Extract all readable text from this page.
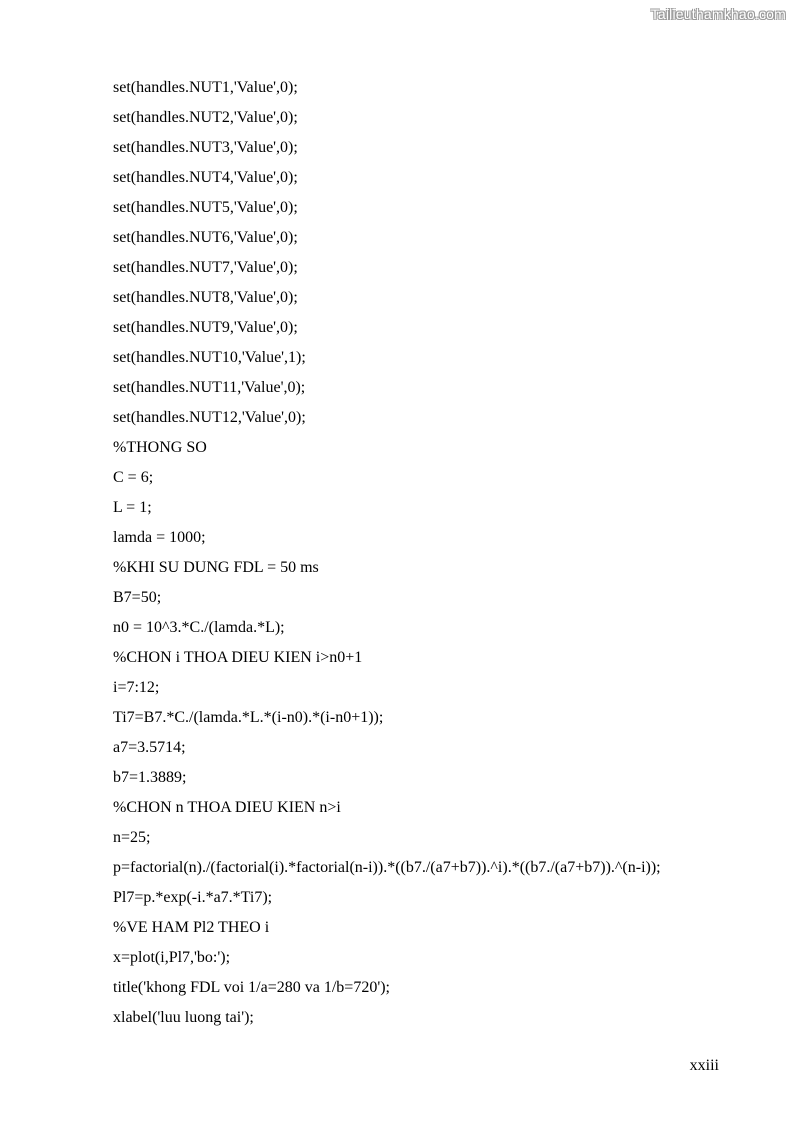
Tailieuthamkhao.com
set(handles.NUT1,'Value',0);
set(handles.NUT2,'Value',0);
set(handles.NUT3,'Value',0);
set(handles.NUT4,'Value',0);
set(handles.NUT5,'Value',0);
set(handles.NUT6,'Value',0);
set(handles.NUT7,'Value',0);
set(handles.NUT8,'Value',0);
set(handles.NUT9,'Value',0);
set(handles.NUT10,'Value',1);
set(handles.NUT11,'Value',0);
set(handles.NUT12,'Value',0);
%THONG SO
C = 6;
L = 1;
lamda = 1000;
%KHI SU DUNG FDL = 50 ms
B7=50;
n0 = 10^3.*C./(lamda.*L);
%CHON i THOA DIEU KIEN i>n0+1
i=7:12;
Ti7=B7.*C./(lamda.*L.*(i-n0).*(i-n0+1));
a7=3.5714;
b7=1.3889;
%CHON n THOA DIEU KIEN n>i
n=25;
p=factorial(n)./(factorial(i).*factorial(n-i)).*((b7./(a7+b7)).^i).*((b7./(a7+b7)).^(n-i));
Pl7=p.*exp(-i.*a7.*Ti7);
%VE HAM Pl2 THEO i
x=plot(i,Pl7,'bo:');
title('khong FDL voi 1/a=280 va 1/b=720');
xlabel('luu luong tai');
xxiii
